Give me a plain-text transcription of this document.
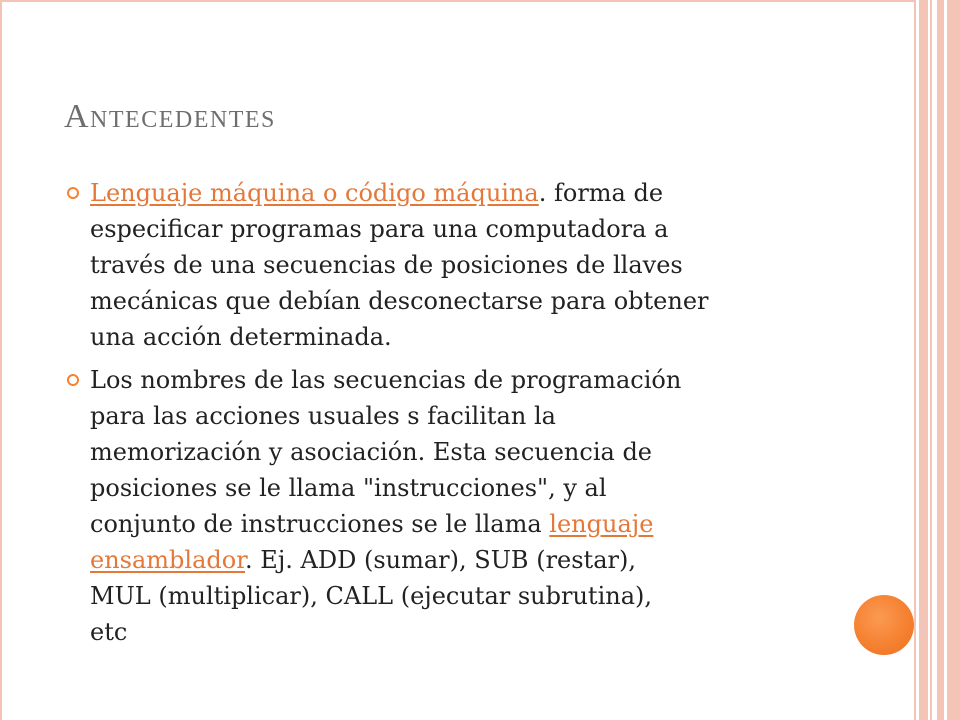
Antecedentes
Lenguaje máquina o código máquina. forma de
especificar programas para una computadora a
través de una secuencias de posiciones de llaves
mecánicas que debían desconectarse para obtener
una acción determinada.
Los nombres de las secuencias de programación
para las acciones usuales s facilitan la
memorización y asociación. Esta secuencia de
posiciones se le llama "instrucciones", y al
conjunto de instrucciones se le llama lenguaje
ensamblador. Ej. ADD (sumar), SUB (restar),
MUL (multiplicar), CALL (ejecutar subrutina),
etc
